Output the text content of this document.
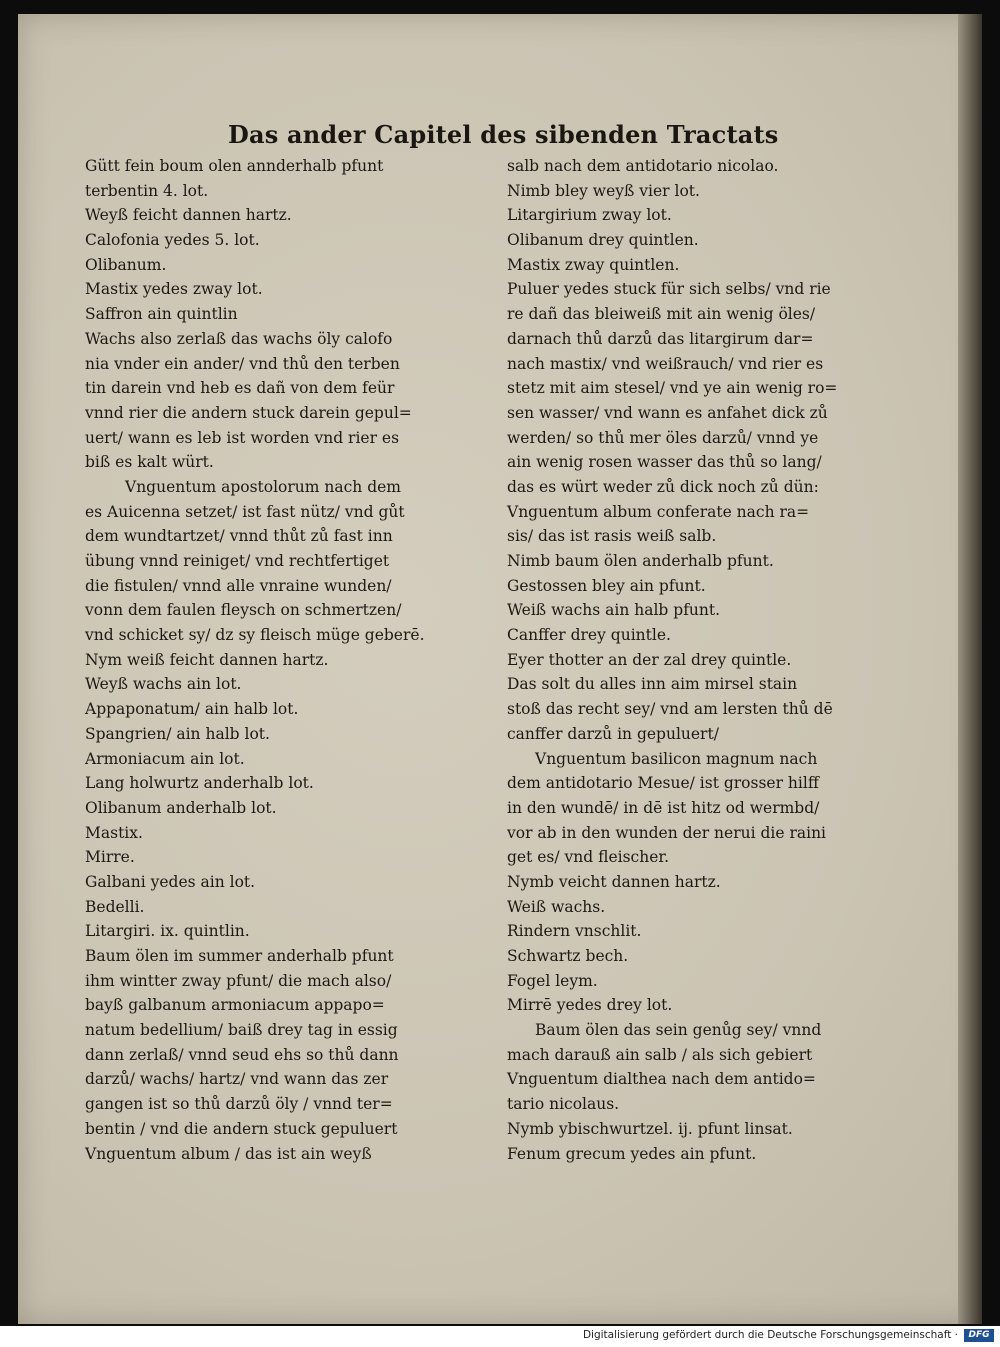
Das ander Capitel des sibenden Tractats
Gütt fein boum olen annderhalb pfunt
terbentin 4. lot.
Weyß feicht dannen hartz.
Calofonia yedes 5. lot.
Olibanum.
Mastix yedes zway lot.
Saffron ain quintlin
Wachs also zerlaß das wachs öly calofo
nia vnder ein ander/ vnd thů den terben
tin darein vnd heb es dañ von dem feür
vnnd rier die andern stuck darein gepul=
uert/ wann es leb ist worden vnd rier es
biß es kalt würt.
Vnguentum apostolorum nach dem
es Auicenna setzet/ ist fast nütz/ vnd gůt
dem wundtartzet/ vnnd thůt zů fast inn
übung vnnd reiniget/ vnd rechtfertiget
die fistulen/ vnnd alle vnraine wunden/
vonn dem faulen fleysch on schmertzen/
vnd schicket sy/ dz sy fleisch müge geberē.
Nym weiß feicht dannen hartz.
Weyß wachs ain lot.
Appaponatum/ ain halb lot.
Spangrien/ ain halb lot.
Armoniacum ain lot.
Lang holwurtz anderhalb lot.
Olibanum anderhalb lot.
Mastix.
Mirre.
Galbani yedes ain lot.
Bedelli.
Litargiri. ix. quintlin.
Baum ölen im summer anderhalb pfunt
ihm wintter zway pfunt/ die mach also/
bayß galbanum armoniacum appapo=
natum bedellium/ baiß drey tag in essig
dann zerlaß/ vnnd seud ehs so thů dann
darzů/ wachs/ hartz/ vnd wann das zer
gangen ist so thů darzů öly / vnnd ter=
bentin / vnd die andern stuck gepuluert
Vnguentum album / das ist ain weyß
salb nach dem antidotario nicolao.
Nimb bley weyß vier lot.
Litargirium zway lot.
Olibanum drey quintlen.
Mastix zway quintlen.
Puluer yedes stuck für sich selbs/ vnd rie
re dañ das bleiweiß mit ain wenig öles/
darnach thů darzů das litargirum dar=
nach mastix/ vnd weißrauch/ vnd rier es
stetz mit aim stesel/ vnd ye ain wenig ro=
sen wasser/ vnd wann es anfahet dick zů
werden/ so thů mer öles darzů/ vnnd ye
ain wenig rosen wasser das thů so lang/
das es würt weder zů dick noch zů dün:
Vnguentum album conferate nach ra=
sis/ das ist rasis weiß salb.
Nimb baum ölen anderhalb pfunt.
Gestossen bley ain pfunt.
Weiß wachs ain halb pfunt.
Canffer drey quintle.
Eyer thotter an der zal drey quintle.
Das solt du alles inn aim mirsel stain
stoß das recht sey/ vnd am lersten thů dē
canffer darzů in gepuluert/
Vnguentum basilicon magnum nach
dem antidotario Mesue/ ist grosser hilff
in den wundē/ in dē ist hitz od wermbd/
vor ab in den wunden der nerui die raini
get es/ vnd fleischer.
Nymb veicht dannen hartz.
Weiß wachs.
Rindern vnschlit.
Schwartz bech.
Fogel leym.
Mirrē yedes drey lot.
Baum ölen das sein genůg sey/ vnnd
mach darauß ain salb / als sich gebiert
Vnguentum dialthea nach dem antido=
tario nicolaus.
Nymb ybischwurtzel. ij. pfunt linsat.
Fenum grecum yedes ain pfunt.
Digitalisierung gefördert durch die Deutsche Forschungsgemeinschaft ·	DFG
